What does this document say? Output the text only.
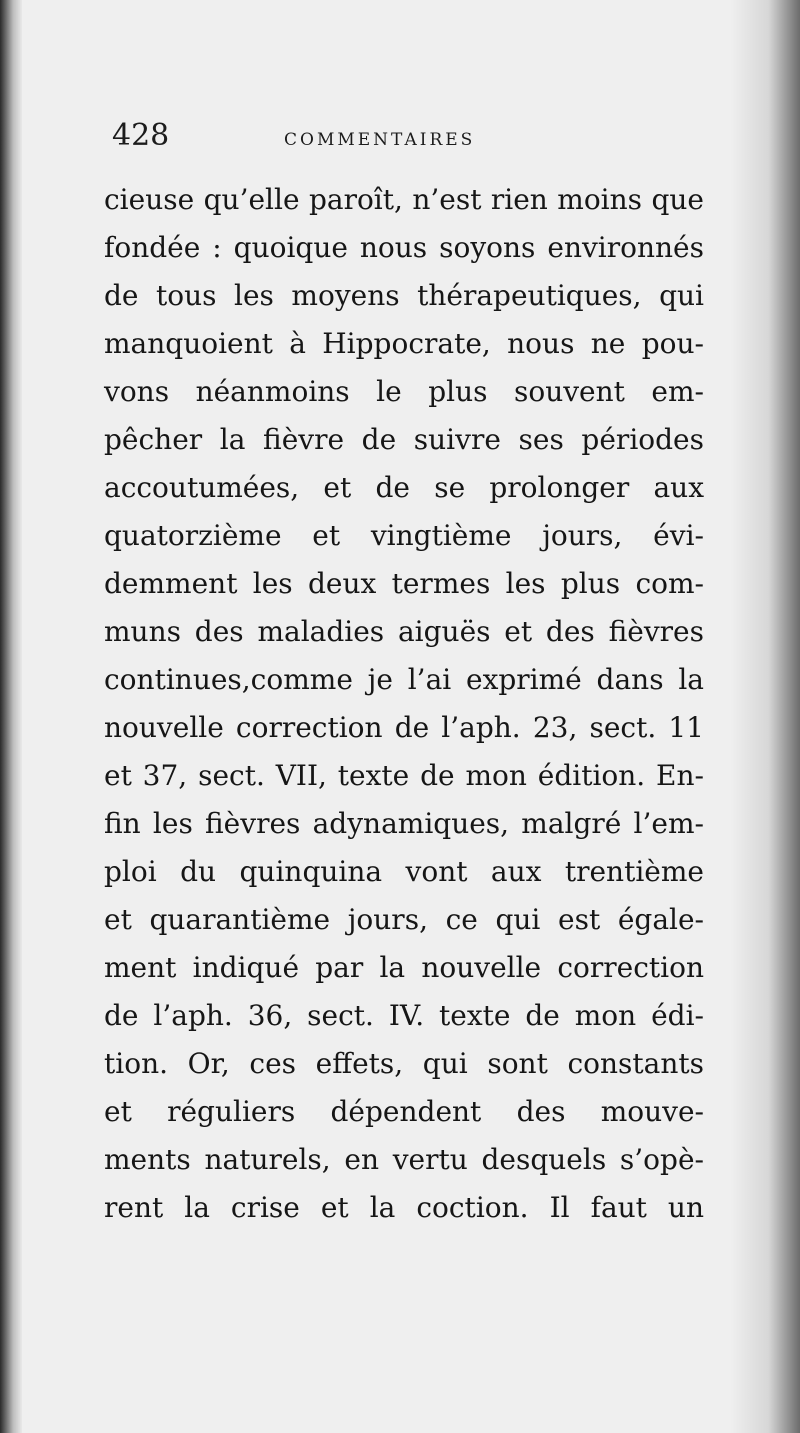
428	COMMENTAIRES
cieuse qu’elle paroît, n’est rien moins que
fondée : quoique nous soyons environnés
de tous les moyens thérapeutiques, qui
manquoient à Hippocrate, nous ne pou-
vons néanmoins le plus souvent em-
pêcher la fièvre de suivre ses périodes
accoutumées, et de se prolonger aux
quatorzième et vingtième jours, évi-
demment les deux termes les plus com-
muns des maladies aiguës et des fièvres
continues,comme je l’ai exprimé dans la
nouvelle correction de l’aph. 23, sect. 11
et 37, sect. VII, texte de mon édition. En-
fin les fièvres adynamiques, malgré l’em-
ploi du quinquina vont aux trentième
et quarantième jours, ce qui est égale-
ment indiqué par la nouvelle correction
de l’aph. 36, sect. IV. texte de mon édi-
tion. Or, ces effets, qui sont constants
et réguliers dépendent des mouve-
ments naturels, en vertu desquels s’opè-
rent la crise et la coction. Il faut un
